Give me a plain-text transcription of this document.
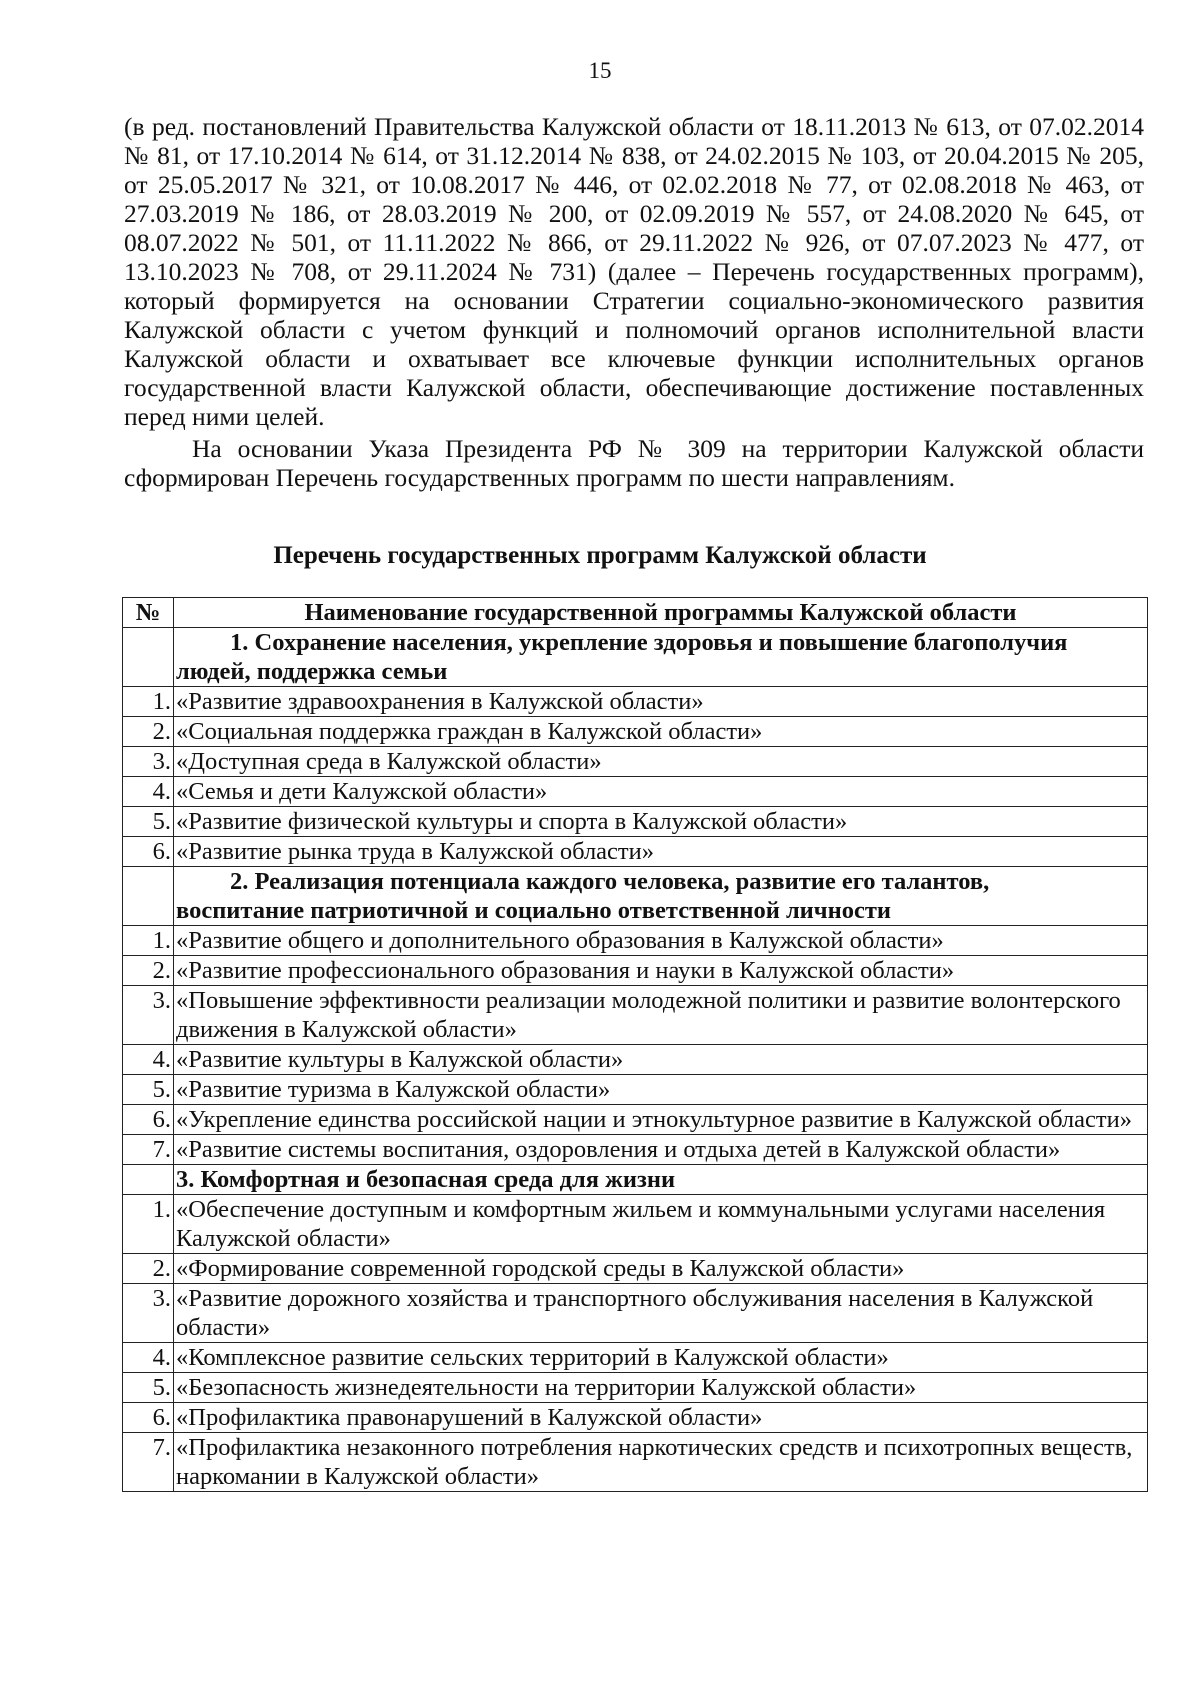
15

(в ред. постановлений Правительства Калужской области от 18.11.2013 № 613, от 07.02.2014 № 81, от 17.10.2014 № 614, от 31.12.2014 № 838, от 24.02.2015 № 103, от 20.04.2015 № 205, от 25.05.2017 № 321, от 10.08.2017 № 446, от 02.02.2018 № 77, от 02.08.2018 № 463, от 27.03.2019 № 186, от 28.03.2019 № 200, от 02.09.2019 № 557, от 24.08.2020 № 645, от 08.07.2022 № 501, от 11.11.2022 № 866, от 29.11.2022 № 926, от 07.07.2023 № 477, от 13.10.2023 № 708, от 29.11.2024 № 731) (далее – Перечень государственных программ), который формируется на основании Стратегии социально-экономического развития Калужской области с учетом функций и полномочий органов исполнительной власти Калужской области и охватывает все ключевые функции исполнительных органов государственной власти Калужской области, обеспечивающие достижение поставленных перед ними целей.

На основании Указа Президента РФ № 309 на территории Калужской области сформирован Перечень государственных программ по шести направлениям.

Перечень государственных программ Калужской области
№	Наименование государственной программы Калужской области

	1. Сохранение населения, укрепление здоровья и повышение благополучия
людей, поддержка семьи
1.	«Развитие здравоохранения в Калужской области»
2.	«Социальная поддержка граждан в Калужской области»
3.	«Доступная среда в Калужской области»
4.	«Семья и дети Калужской области»
5.	«Развитие физической культуры и спорта в Калужской области»
6.	«Развитие рынка труда в Калужской области»

	2. Реализация потенциала каждого человека, развитие его талантов,
воспитание патриотичной и социально ответственной личности
1.	«Развитие общего и дополнительного образования в Калужской области»
2.	«Развитие профессионального образования и науки в Калужской области»
3.	«Повышение эффективности реализации молодежной политики и развитие волонтерского движения в Калужской области»
4.	«Развитие культуры в Калужской области»
5.	«Развитие туризма в Калужской области»
6.	«Укрепление единства российской нации и этнокультурное развитие в Калужской области»
7.	«Развитие системы воспитания, оздоровления и отдыха детей в Калужской области»
	3. Комфортная и безопасная среда для жизни
1.	«Обеспечение доступным и комфортным жильем и коммунальными услугами населения Калужской области»
2.	«Формирование современной городской среды в Калужской области»
3.	«Развитие дорожного хозяйства и транспортного обслуживания населения в Калужской области»
4.	«Комплексное развитие сельских территорий в Калужской области»
5.	«Безопасность жизнедеятельности на территории Калужской области»
6.	«Профилактика правонарушений в Калужской области»
7.	«Профилактика незаконного потребления наркотических средств и психотропных веществ, наркомании в Калужской области»
